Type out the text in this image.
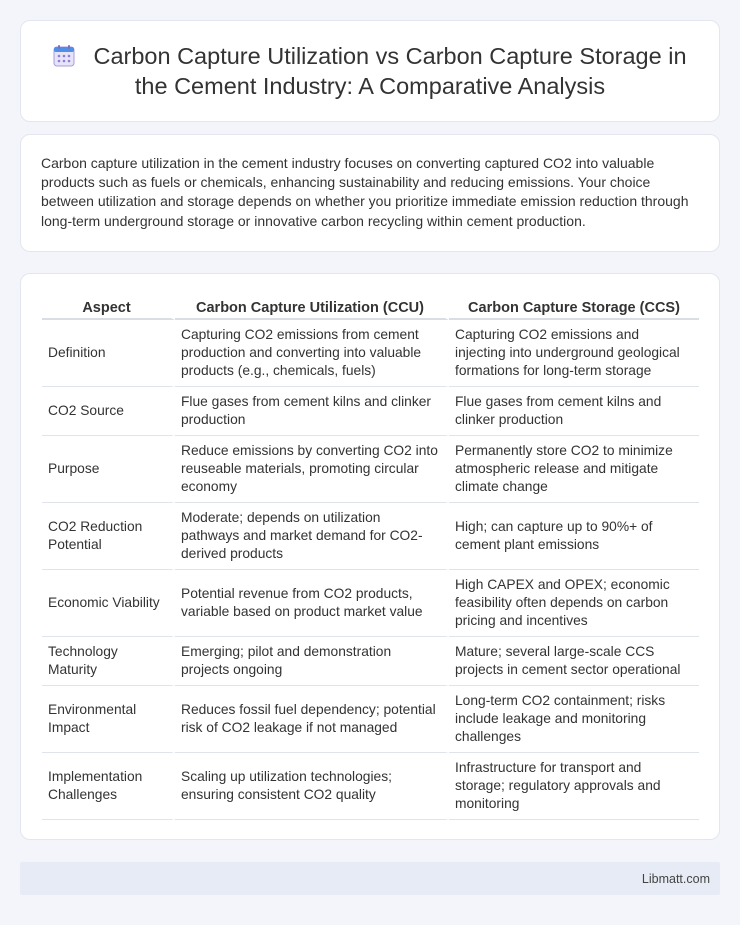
Carbon Capture Utilization vs Carbon Capture Storage in
the Cement Industry: A Comparative Analysis

Carbon capture utilization in the cement industry focuses on converting captured CO2 into valuable products such as fuels or chemicals, enhancing sustainability and reducing emissions. Your choice between utilization and storage depends on whether you prioritize immediate emission reduction through long-term underground storage or innovative carbon recycling within cement production.

Aspect	Carbon Capture Utilization (CCU)	Carbon Capture Storage (CCS)
Definition	Capturing CO2 emissions from cement production and converting into valuable products (e.g., chemicals, fuels)	Capturing CO2 emissions and injecting into underground geological formations for long-term storage
CO2 Source	Flue gases from cement kilns and clinker production	Flue gases from cement kilns and clinker production
Purpose	Reduce emissions by converting CO2 into reuseable materials, promoting circular economy	Permanently store CO2 to minimize atmospheric release and mitigate climate change
CO2 Reduction Potential	Moderate; depends on utilization pathways and market demand for CO2-derived products	High; can capture up to 90%+ of cement plant emissions
Economic Viability	Potential revenue from CO2 products, variable based on product market value	High CAPEX and OPEX; economic feasibility often depends on carbon pricing and incentives
Technology Maturity	Emerging; pilot and demonstration projects ongoing	Mature; several large-scale CCS projects in cement sector operational
Environmental Impact	Reduces fossil fuel dependency; potential risk of CO2 leakage if not managed	Long-term CO2 containment; risks include leakage and monitoring challenges
Implementation Challenges	Scaling up utilization technologies; ensuring consistent CO2 quality	Infrastructure for transport and storage; regulatory approvals and monitoring
Libmatt.com
